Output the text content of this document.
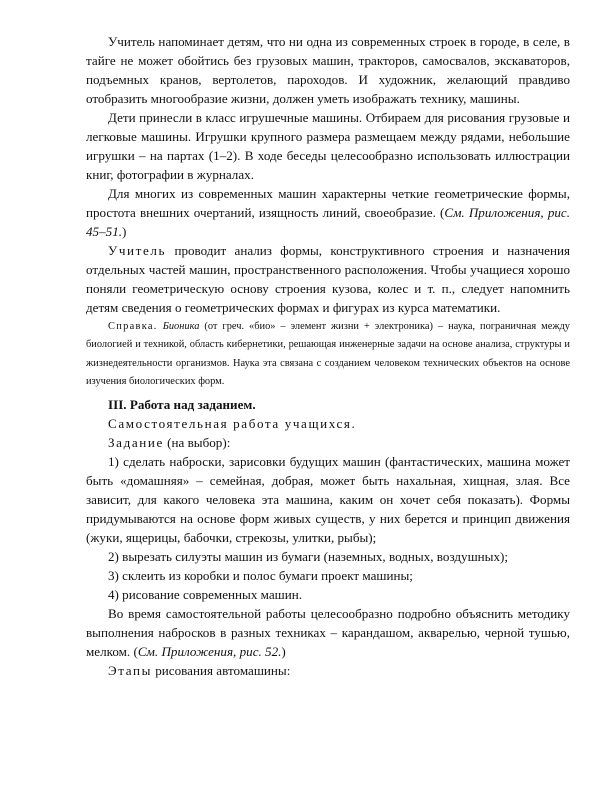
Учитель напоминает детям, что ни одна из современных строек в городе, в селе, в тайге не может обойтись без грузовых машин, тракторов, самосвалов, экскаваторов, подъемных кранов, вертолетов, пароходов. И художник, желающий правдиво отобразить многообразие жизни, должен уметь изображать технику, машины.

Дети принесли в класс игрушечные машины. Отбираем для рисования грузовые и легковые машины. Игрушки крупного размера размещаем между рядами, небольшие игрушки – на партах (1–2). В ходе беседы целесообразно использовать иллюстрации книг, фотографии в журналах.

Для многих из современных машин характерны четкие геометрические формы, простота внешних очертаний, изящность линий, своеобразие. (См. Приложения, рис. 45–51.)

Учитель проводит анализ формы, конструктивного строения и назначения отдельных частей машин, пространственного расположения. Чтобы учащиеся хорошо поняли геометрическую основу строения кузова, колес и т. п., следует напомнить детям сведения о геометрических формах и фигурах из курса математики.

Справка. Бионика (от греч. «био» – элемент жизни + электроника) – наука, пограничная между биологией и техникой, область кибернетики, решающая инженерные задачи на основе анализа, структуры и жизнедеятельности организмов. Наука эта связана с созданием человеком технических объектов на основе изучения биологических форм.

III. Работа над заданием.

Самостоятельная работа учащихся.

Задание (на выбор):

1) сделать наброски, зарисовки будущих машин (фантастических, машина может быть «домашняя» – семейная, добрая, может быть нахальная, хищная, злая. Все зависит, для какого человека эта машина, каким он хочет себя показать). Формы придумываются на основе форм живых существ, у них берется и принцип движения (жуки, ящерицы, бабочки, стрекозы, улитки, рыбы);

2) вырезать силуэты машин из бумаги (наземных, водных, воздушных);

3) склеить из коробки и полос бумаги проект машины;

4) рисование современных машин.

Во время самостоятельной работы целесообразно подробно объяснить методику выполнения набросков в разных техниках – карандашом, акварелью, черной тушью, мелком. (См. Приложения, рис. 52.)

Этапы рисования автомашины:
